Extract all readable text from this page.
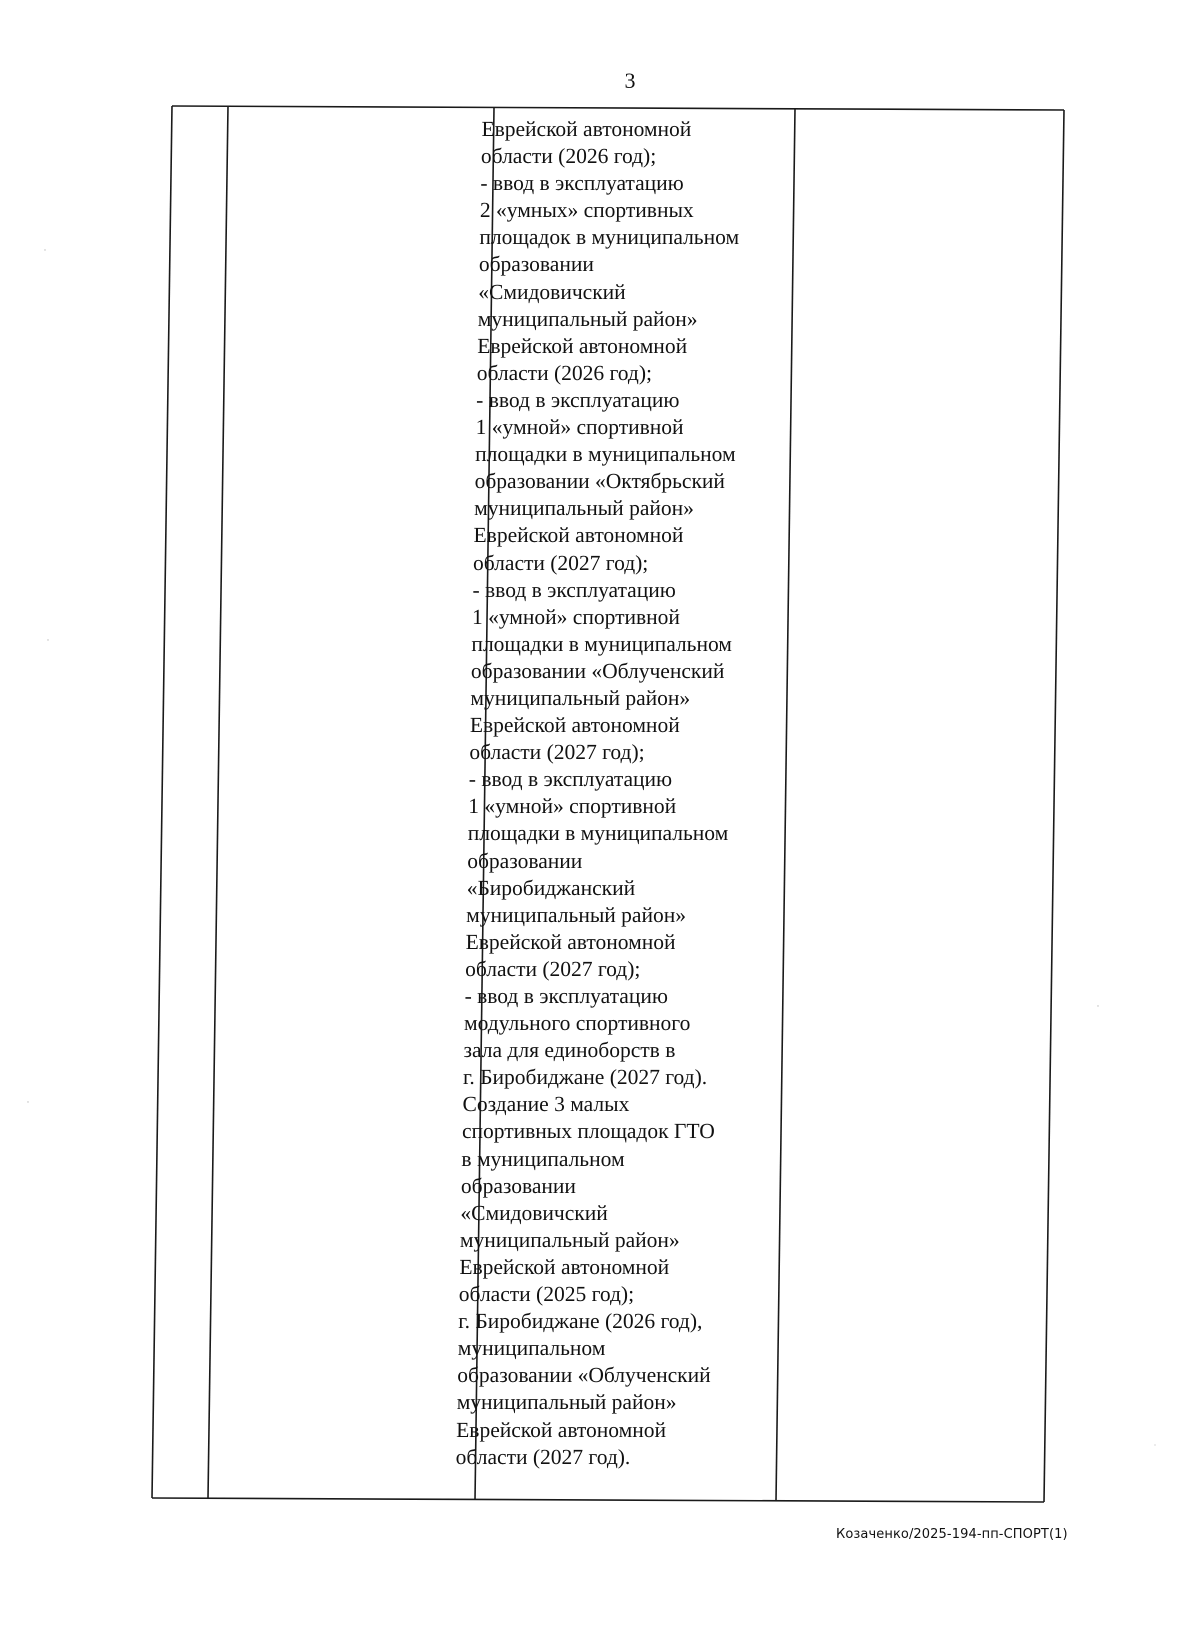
3
Еврейской автономной
области (2026 год);
- ввод в эксплуатацию
2 «умных» спортивных
площадок в муниципальном
образовании
«Смидовичский
муниципальный район»
Еврейской автономной
области (2026 год);
- ввод в эксплуатацию
1 «умной» спортивной
площадки в муниципальном
образовании «Октябрьский
муниципальный район»
Еврейской автономной
области (2027 год);
- ввод в эксплуатацию
1 «умной» спортивной
площадки в муниципальном
образовании «Облученский
муниципальный район»
Еврейской автономной
области (2027 год);
- ввод в эксплуатацию
1 «умной» спортивной
площадки в муниципальном
образовании
«Биробиджанский
муниципальный район»
Еврейской автономной
области (2027 год);
- ввод в эксплуатацию
модульного спортивного
зала для единоборств в
г. Биробиджане (2027 год).
Создание 3 малых
спортивных площадок ГТО
в муниципальном
образовании
«Смидовичский
муниципальный район»
Еврейской автономной
области (2025 год);
г. Биробиджане (2026 год),
муниципальном
образовании «Облученский
муниципальный район»
Еврейской автономной
области (2027 год).
Козаченко/2025-194-пп-СПОРТ(1)
